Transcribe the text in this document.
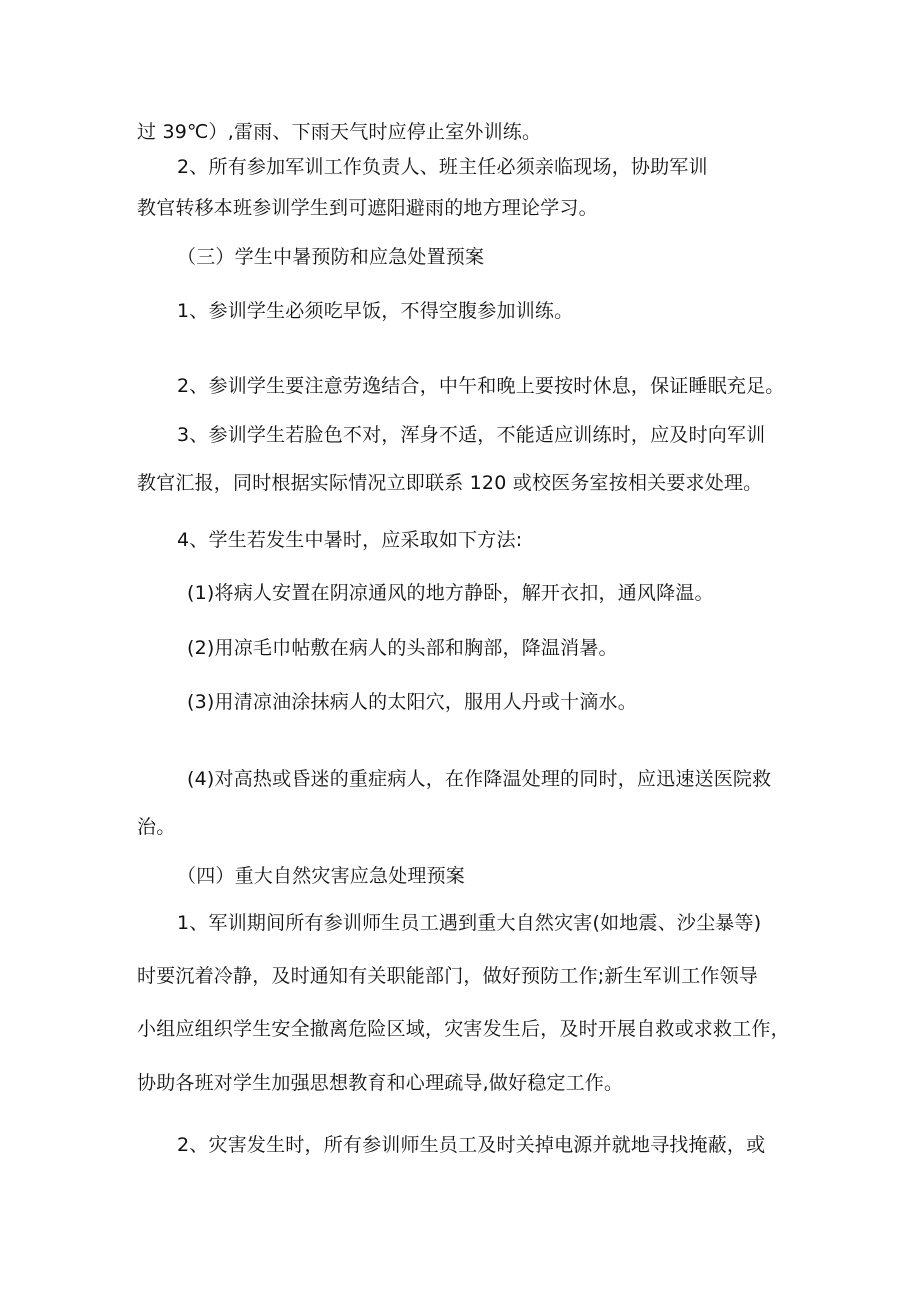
过 39℃）,雷雨、下雨天气时应停止室外训练。
2、所有参加军训工作负责人、班主任必须亲临现场，协助军训
教官转移本班参训学生到可遮阳避雨的地方理论学习。
（三）学生中暑预防和应急处置预案
1、参训学生必须吃早饭，不得空腹参加训练。
2、参训学生要注意劳逸结合，中午和晚上要按时休息，保证睡眠充足。
3、参训学生若脸色不对，浑身不适，不能适应训练时，应及时向军训
教官汇报，同时根据实际情况立即联系 120 或校医务室按相关要求处理。
4、学生若发生中暑时，应采取如下方法:
(1)将病人安置在阴凉通风的地方静卧，解开衣扣，通风降温。
(2)用凉毛巾帖敷在病人的头部和胸部，降温消暑。
(3)用清凉油涂抹病人的太阳穴，服用人丹或十滴水。
(4)对高热或昏迷的重症病人，在作降温处理的同时，应迅速送医院救
治。
（四）重大自然灾害应急处理预案
1、军训期间所有参训师生员工遇到重大自然灾害(如地震、沙尘暴等)
时要沉着冷静，及时通知有关职能部门，做好预防工作;新生军训工作领导
小组应组织学生安全撤离危险区域，灾害发生后，及时开展自救或求救工作，
协助各班对学生加强思想教育和心理疏导,做好稳定工作。
2、灾害发生时，所有参训师生员工及时关掉电源并就地寻找掩蔽，或
